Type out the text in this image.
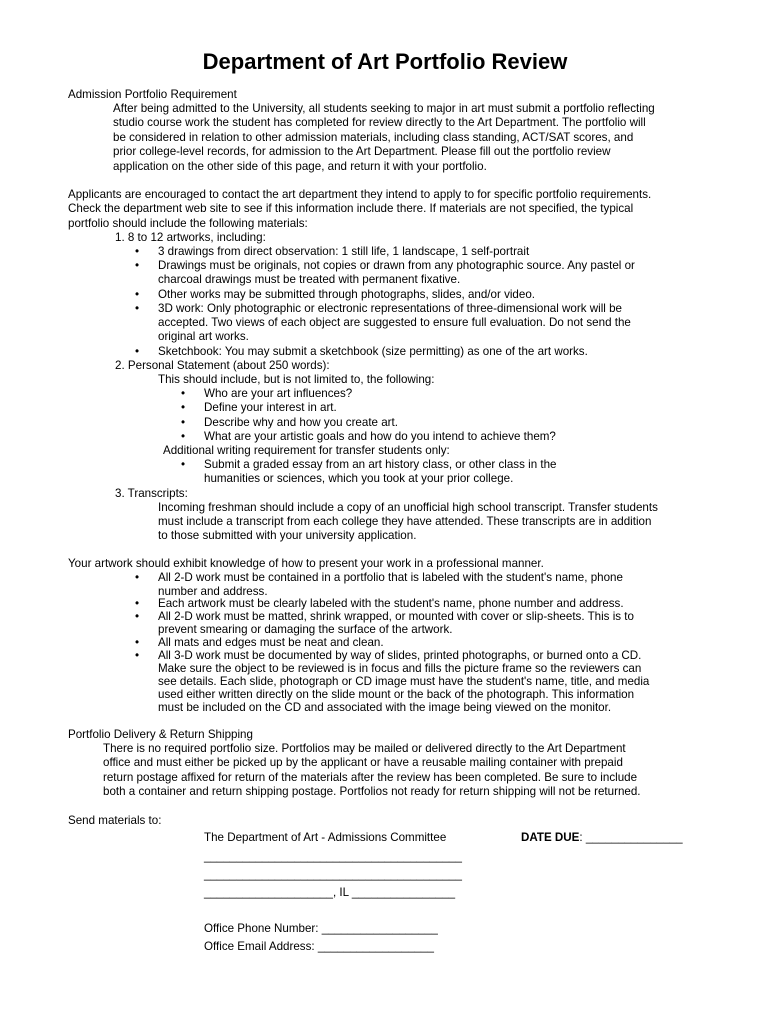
Department of Art Portfolio Review
Admission Portfolio Requirement
After being admitted to the University, all students seeking to major in art must submit a portfolio reflecting
studio course work the student has completed for review directly to the Art Department. The portfolio will
be considered in relation to other admission materials, including class standing, ACT/SAT scores, and
prior college-level records, for admission to the Art Department. Please fill out the portfolio review
application on the other side of this page, and return it with your portfolio.
Applicants are encouraged to contact the art department they intend to apply to for specific portfolio requirements.
Check the department web site to see if this information include there. If materials are not specified, the typical
portfolio should include the following materials:
1. 8 to 12 artworks, including:
• 3 drawings from direct observation: 1 still life, 1 landscape, 1 self-portrait
• Drawings must be originals, not copies or drawn from any photographic source. Any pastel or
charcoal drawings must be treated with permanent fixative.
• Other works may be submitted through photographs, slides, and/or video.
• 3D work: Only photographic or electronic representations of three-dimensional work will be
accepted. Two views of each object are suggested to ensure full evaluation. Do not send the
original art works.
• Sketchbook: You may submit a sketchbook (size permitting) as one of the art works.
2. Personal Statement (about 250 words):
This should include, but is not limited to, the following:
• Who are your art influences?
• Define your interest in art.
• Describe why and how you create art.
• What are your artistic goals and how do you intend to achieve them?
Additional writing requirement for transfer students only:
• Submit a graded essay from an art history class, or other class in the
humanities or sciences, which you took at your prior college.
3. Transcripts:
Incoming freshman should include a copy of an unofficial high school transcript. Transfer students
must include a transcript from each college they have attended. These transcripts are in addition
to those submitted with your university application.
Your artwork should exhibit knowledge of how to present your work in a professional manner.
• All 2-D work must be contained in a portfolio that is labeled with the student's name, phone
number and address.
• Each artwork must be clearly labeled with the student's name, phone number and address.
• All 2-D work must be matted, shrink wrapped, or mounted with cover or slip-sheets. This is to
prevent smearing or damaging the surface of the artwork.
• All mats and edges must be neat and clean.
• All 3-D work must be documented by way of slides, printed photographs, or burned onto a CD.
Make sure the object to be reviewed is in focus and fills the picture frame so the reviewers can
see details. Each slide, photograph or CD image must have the student's name, title, and media
used either written directly on the slide mount or the back of the photograph. This information
must be included on the CD and associated with the image being viewed on the monitor.
Portfolio Delivery & Return Shipping
There is no required portfolio size. Portfolios may be mailed or delivered directly to the Art Department
office and must either be picked up by the applicant or have a reusable mailing container with prepaid
return postage affixed for return of the materials after the review has been completed. Be sure to include
both a container and return shipping postage. Portfolios not ready for return shipping will not be returned.
Send materials to:
The Department of Art - Admissions Committee	DATE DUE: _______________
________________________________________
________________________________________
____________________, IL ________________
Office Phone Number: __________________
Office Email Address: __________________
